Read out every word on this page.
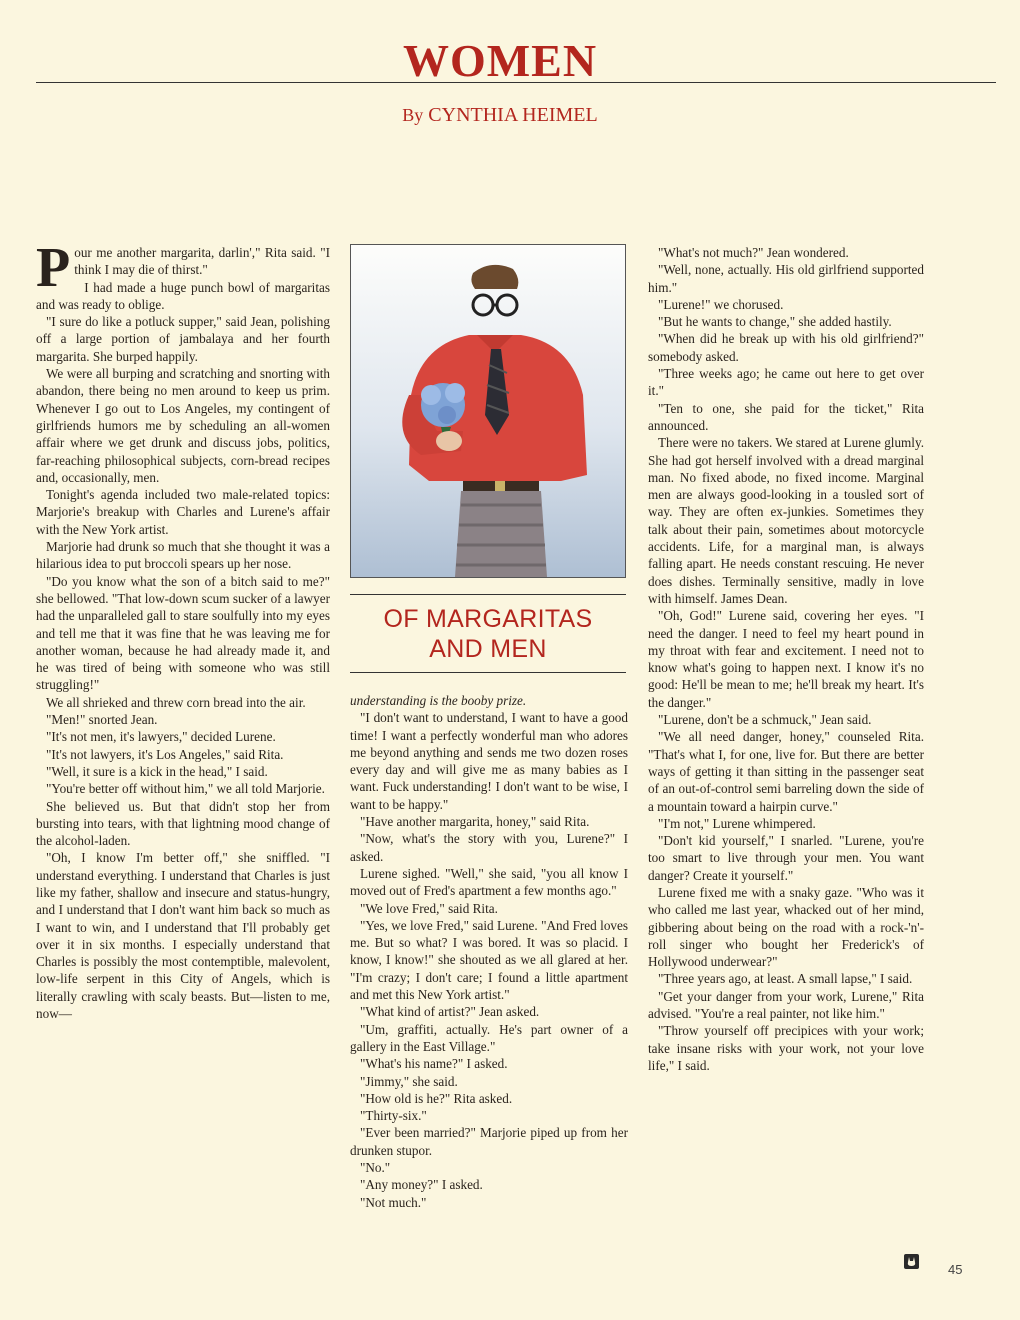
WOMEN
By CYNTHIA HEIMEL

Pour me another margarita, darlin'," Rita said. "I think I may die of thirst."

I had made a huge punch bowl of margaritas and was ready to oblige.

"I sure do like a potluck supper," said Jean, polishing off a large portion of jambalaya and her fourth margarita. She burped happily.

We were all burping and scratching and snorting with abandon, there being no men around to keep us prim. Whenever I go out to Los Angeles, my contingent of girlfriends humors me by scheduling an all-women affair where we get drunk and discuss jobs, politics, far-reaching philosophical subjects, corn-bread recipes and, occasionally, men.

Tonight's agenda included two male-related topics: Marjorie's breakup with Charles and Lurene's affair with the New York artist.

Marjorie had drunk so much that she thought it was a hilarious idea to put broccoli spears up her nose.

"Do you know what the son of a bitch said to me?" she bellowed. "That low-down scum sucker of a lawyer had the unparalleled gall to stare soulfully into my eyes and tell me that it was fine that he was leaving me for another woman, because he had already made it, and he was tired of being with someone who was still struggling!"

We all shrieked and threw corn bread into the air.

"Men!" snorted Jean.

"It's not men, it's lawyers," decided Lurene.

"It's not lawyers, it's Los Angeles," said Rita.

"Well, it sure is a kick in the head," I said.

"You're better off without him," we all told Marjorie.

She believed us. But that didn't stop her from bursting into tears, with that lightning mood change of the alcohol-laden.

"Oh, I know I'm better off," she sniffled. "I understand everything. I understand that Charles is just like my father, shallow and insecure and status-hungry, and I understand that I don't want him back so much as I want to win, and I understand that I'll probably get over it in six months. I especially understand that Charles is possibly the most contemptible, malevolent, low-life serpent in this City of Angels, which is literally crawling with scaly beasts. But—listen to me, now—

OF MARGARITAS
AND MEN

understanding is the booby prize.

"I don't want to understand, I want to have a good time! I want a perfectly wonderful man who adores me beyond anything and sends me two dozen roses every day and will give me as many babies as I want. Fuck understanding! I don't want to be wise, I want to be happy."

"Have another margarita, honey," said Rita.

"Now, what's the story with you, Lurene?" I asked.

Lurene sighed. "Well," she said, "you all know I moved out of Fred's apartment a few months ago."

"We love Fred," said Rita.

"Yes, we love Fred," said Lurene. "And Fred loves me. But so what? I was bored. It was so placid. I know, I know!" she shouted as we all glared at her. "I'm crazy; I don't care; I found a little apartment and met this New York artist."

"What kind of artist?" Jean asked.

"Um, graffiti, actually. He's part owner of a gallery in the East Village."

"What's his name?" I asked.

"Jimmy," she said.

"How old is he?" Rita asked.

"Thirty-six."

"Ever been married?" Marjorie piped up from her drunken stupor.

"No."

"Any money?" I asked.

"Not much."

"What's not much?" Jean wondered.

"Well, none, actually. His old girlfriend supported him."

"Lurene!" we chorused.

"But he wants to change," she added hastily.

"When did he break up with his old girlfriend?" somebody asked.

"Three weeks ago; he came out here to get over it."

"Ten to one, she paid for the ticket," Rita announced.

There were no takers. We stared at Lurene glumly. She had got herself involved with a dread marginal man. No fixed abode, no fixed income. Marginal men are always good-looking in a tousled sort of way. They are often ex-junkies. Sometimes they talk about their pain, sometimes about motorcycle accidents. Life, for a marginal man, is always falling apart. He needs constant rescuing. He never does dishes. Terminally sensitive, madly in love with himself. James Dean.

"Oh, God!" Lurene said, covering her eyes. "I need the danger. I need to feel my heart pound in my throat with fear and excitement. I need not to know what's going to happen next. I know it's no good: He'll be mean to me; he'll break my heart. It's the danger."

"Lurene, don't be a schmuck," Jean said.

"We all need danger, honey," counseled Rita. "That's what I, for one, live for. But there are better ways of getting it than sitting in the passenger seat of an out-of-control semi barreling down the side of a mountain toward a hairpin curve."

"I'm not," Lurene whimpered.

"Don't kid yourself," I snarled. "Lurene, you're too smart to live through your men. You want danger? Create it yourself."

Lurene fixed me with a snaky gaze. "Who was it who called me last year, whacked out of her mind, gibbering about being on the road with a rock-'n'-roll singer who bought her Frederick's of Hollywood underwear?"

"Three years ago, at least. A small lapse," I said.

"Get your danger from your work, Lurene," Rita advised. "You're a real painter, not like him."

"Throw yourself off precipices with your work; take insane risks with your work, not your love life," I said.

45
